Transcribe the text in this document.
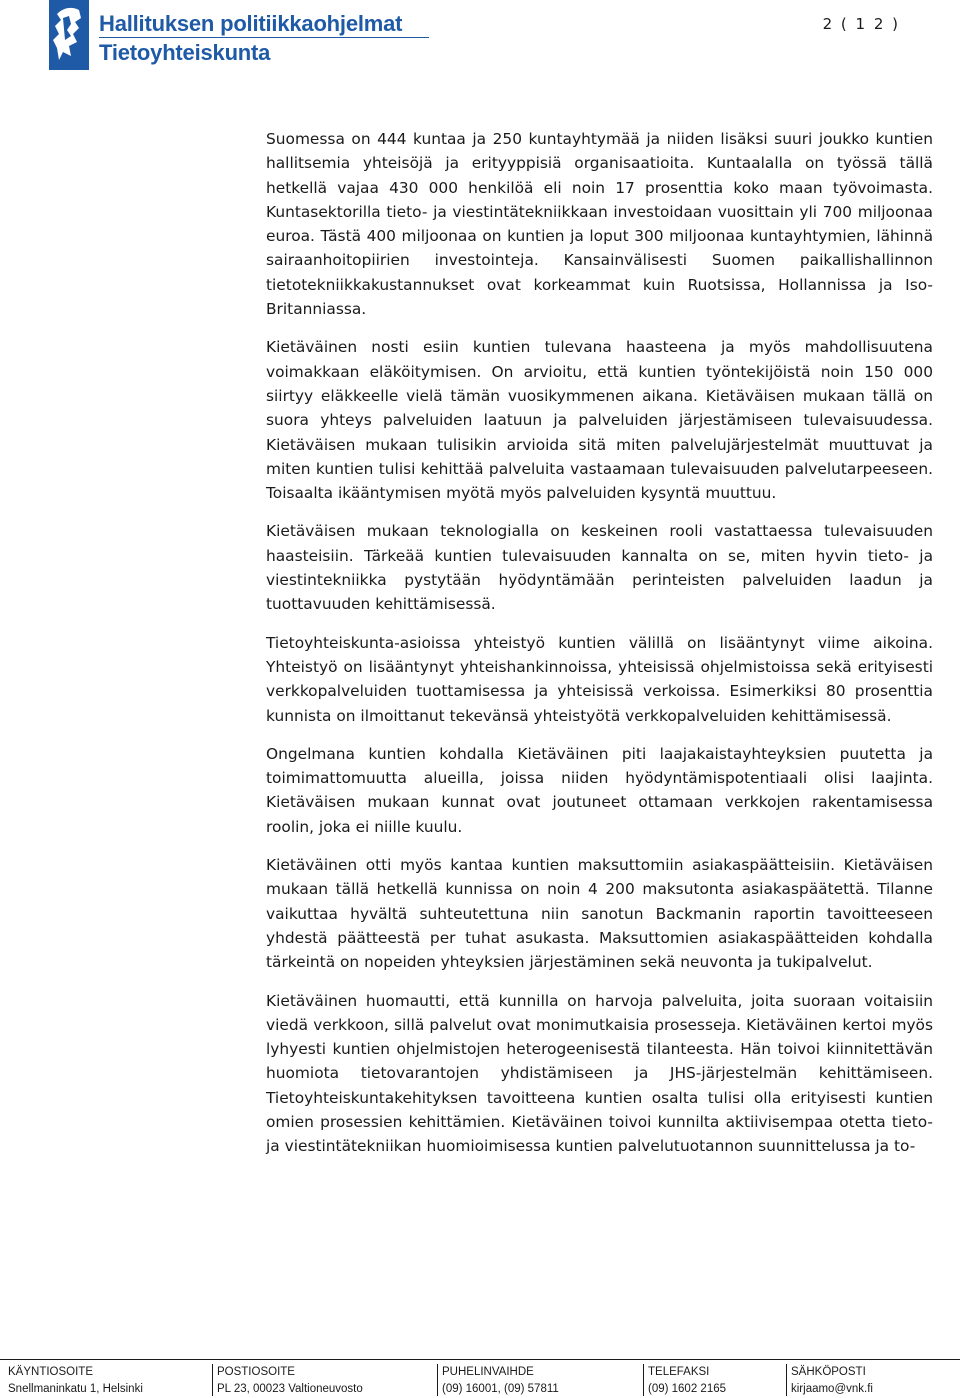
Hallituksen politiikkaohjelmat
Tietoyhteiskunta
2 ( 1 2 )

Suomessa on 444 kuntaa ja 250 kuntayhtymää ja niiden lisäksi suuri joukko kuntien hallitsemia yhteisöjä ja erityyppisiä organisaatioita. Kuntaalalla on työssä tällä hetkellä vajaa 430 000 henkilöä eli noin 17 prosenttia koko maan työvoimasta. Kuntasektorilla tieto- ja viestintätekniikkaan investoidaan vuosittain yli 700 miljoonaa euroa. Tästä 400 miljoonaa on kuntien ja loput 300 miljoonaa kuntayhtymien, lähinnä sairaanhoitopiirien investointeja. Kansainvälisesti Suomen paikallishallinnon tietotekniikkakustannukset ovat korkeammat kuin Ruotsissa, Hollannissa ja Iso-Britanniassa.

Kietäväinen nosti esiin kuntien tulevana haasteena ja myös mahdollisuutena voimakkaan eläköitymisen. On arvioitu, että kuntien työntekijöistä noin 150 000 siirtyy eläkkeelle vielä tämän vuosikymmenen aikana. Kietäväisen mukaan tällä on suora yhteys palveluiden laatuun ja palveluiden järjestämiseen tulevaisuudessa. Kietäväisen mukaan tulisikin arvioida sitä miten palvelujärjestelmät muuttuvat ja miten kuntien tulisi kehittää palveluita vastaamaan tulevaisuuden palvelutarpeeseen. Toisaalta ikääntymisen myötä myös palveluiden kysyntä muuttuu.

Kietäväisen mukaan teknologialla on keskeinen rooli vastattaessa tulevaisuuden haasteisiin. Tärkeää kuntien tulevaisuuden kannalta on se, miten hyvin tieto- ja viestintekniikka pystytään hyödyntämään perinteisten palveluiden laadun ja tuottavuuden kehittämisessä.

Tietoyhteiskunta-asioissa yhteistyö kuntien välillä on lisääntynyt viime aikoina. Yhteistyö on lisääntynyt yhteishankinnoissa, yhteisissä ohjelmistoissa sekä erityisesti verkkopalveluiden tuottamisessa ja yhteisissä verkoissa. Esimerkiksi 80 prosenttia kunnista on ilmoittanut tekevänsä yhteistyötä verkkopalveluiden kehittämisessä.

Ongelmana kuntien kohdalla Kietäväinen piti laajakaistayhteyksien puutetta ja toimimattomuutta alueilla, joissa niiden hyödyntämispotentiaali olisi laajinta. Kietäväisen mukaan kunnat ovat joutuneet ottamaan verkkojen rakentamisessa roolin, joka ei niille kuulu.

Kietäväinen otti myös kantaa kuntien maksuttomiin asiakaspäätteisiin. Kietäväisen mukaan tällä hetkellä kunnissa on noin 4 200 maksutonta asiakaspäätettä. Tilanne vaikuttaa hyvältä suhteutettuna niin sanotun Backmanin raportin tavoitteeseen yhdestä päätteestä per tuhat asukasta. Maksuttomien asiakaspäätteiden kohdalla tärkeintä on nopeiden yhteyksien järjestäminen sekä neuvonta ja tukipalvelut.

Kietäväinen huomautti, että kunnilla on harvoja palveluita, joita suoraan voitaisiin viedä verkkoon, sillä palvelut ovat monimutkaisia prosesseja. Kietäväinen kertoi myös lyhyesti kuntien ohjelmistojen heterogeenisestä tilanteesta. Hän toivoi kiinnitettävän huomiota tietovarantojen yhdistämiseen ja JHS-järjestelmän kehittämiseen. Tietoyhteiskuntakehityksen tavoitteena kuntien osalta tulisi olla erityisesti kuntien omien prosessien kehittämien. Kietäväinen toivoi kunnilta aktiivisempaa otetta tieto- ja viestintätekniikan huomioimisessa kuntien palvelutuotannon suunnittelussa ja to-

KÄYNTIOSOITE
Snellmaninkatu 1, Helsinki
POSTIOSOITE
PL 23, 00023 Valtioneuvosto
PUHELINVAIHDE
(09) 16001, (09) 57811
TELEFAKSI
(09) 1602 2165
SÄHKÖPOSTI
kirjaamo@vnk.fi
